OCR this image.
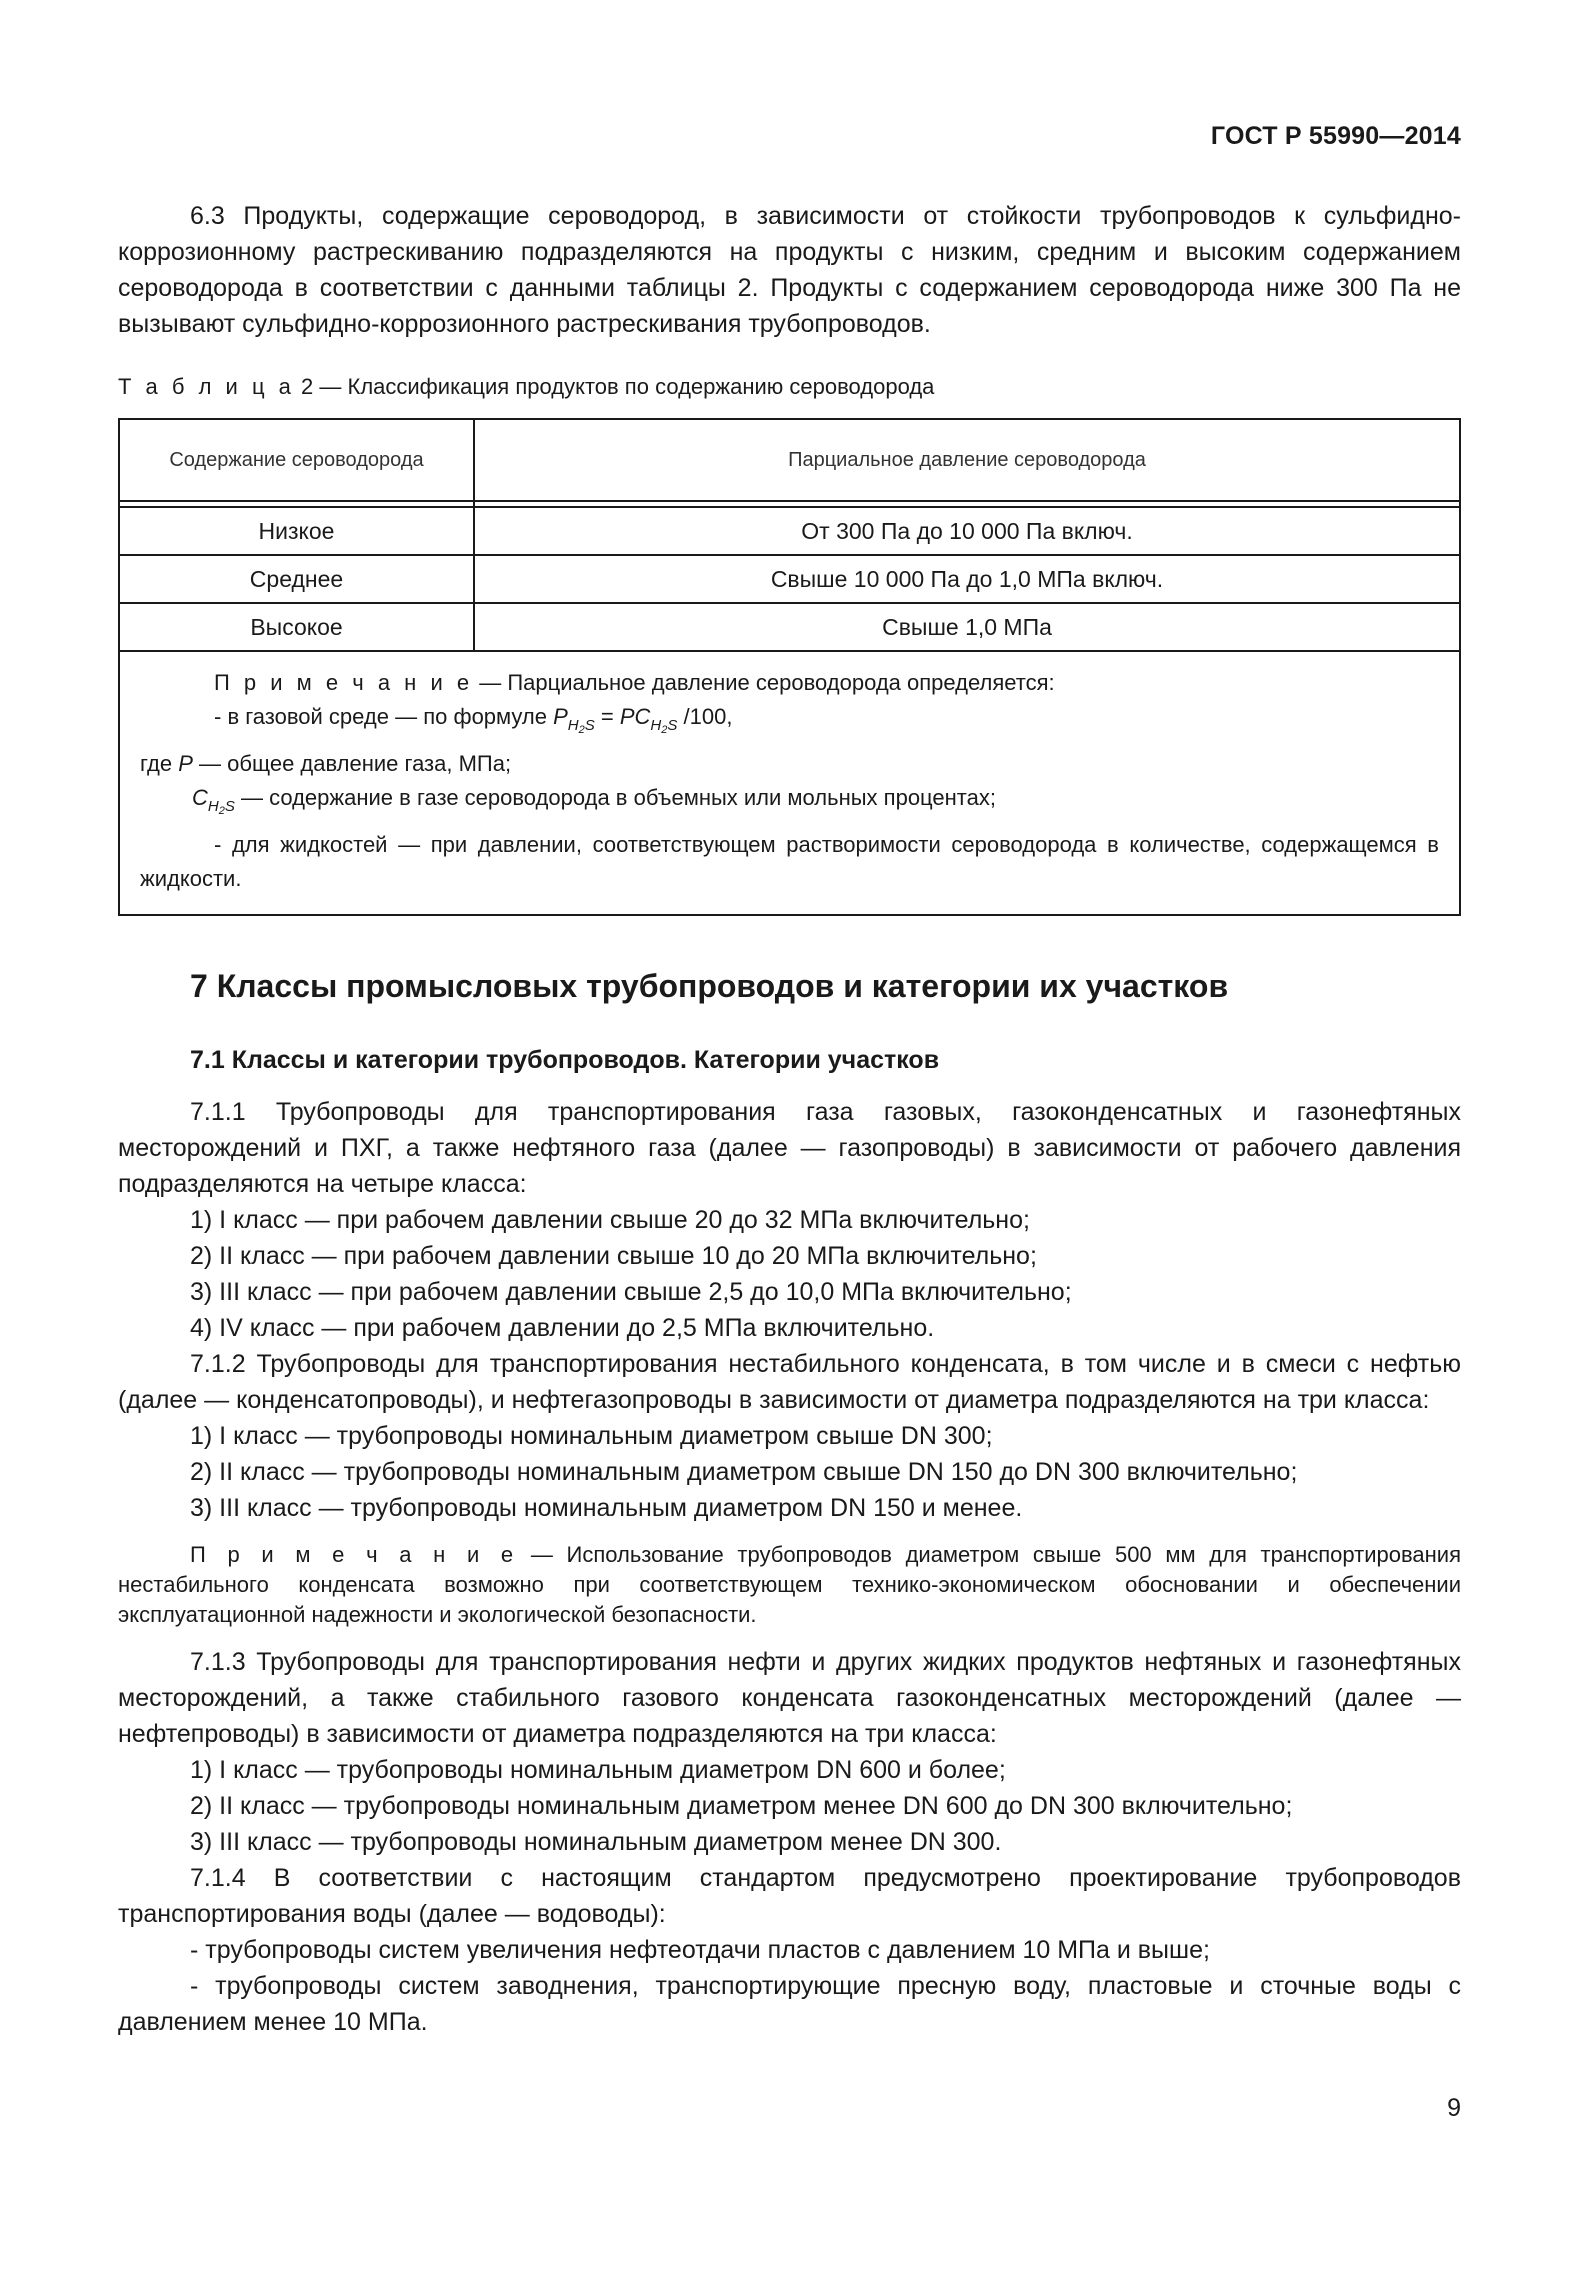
ГОСТ Р 55990—2014

6.3 Продукты, содержащие сероводород, в зависимости от стойкости трубопроводов к сульфидно-коррозионному растрескиванию подразделяются на продукты с низким, средним и высоким содержанием сероводорода в соответствии с данными таблицы 2. Продукты с содержанием сероводорода ниже 300 Па не вызывают сульфидно-коррозионного растрескивания трубопроводов.

Т а б л и ц а 2 — Классификация продуктов по содержанию сероводорода
Содержание сероводорода	Парциальное давление сероводорода

Низкое	От 300 Па до 10 000 Па включ.
Среднее	Свыше 10 000 Па до 1,0 МПа включ.
Высокое	Свыше 1,0 МПа

П р и м е ч а н и е — Парциальное давление сероводорода определяется:
- в газовой среде — по формуле $P_{H_2S} = PC_{H_2S}$ /100,
где P — общее давление газа, МПа;
$C_{H_2S}$ — содержание в газе сероводорода в объемных или мольных процентах;
- для жидкостей — при давлении, соответствующем растворимости сероводорода в количестве, содержащемся в жидкости.	
7 Классы промысловых трубопроводов и категории их участков
7.1 Классы и категории трубопроводов. Категории участков

7.1.1 Трубопроводы для транспортирования газа газовых, газоконденсатных и газонефтяных месторождений и ПХГ, а также нефтяного газа (далее — газопроводы) в зависимости от рабочего давления подразделяются на четыре класса:

1) I класс — при рабочем давлении свыше 20 до 32 МПа включительно;
2) II класс — при рабочем давлении свыше 10 до 20 МПа включительно;
3) III класс — при рабочем давлении свыше 2,5 до 10,0 МПа включительно;
4) IV класс — при рабочем давлении до 2,5 МПа включительно.

7.1.2 Трубопроводы для транспортирования нестабильного конденсата, в том числе и в смеси с нефтью (далее — конденсатопроводы), и нефтегазопроводы в зависимости от диаметра подразделяются на три класса:

1) I класс — трубопроводы номинальным диаметром свыше DN 300;
2) II класс — трубопроводы номинальным диаметром свыше DN 150 до DN 300 включительно;
3) III класс — трубопроводы номинальным диаметром DN 150 и менее.

П р и м е ч а н и е — Использование трубопроводов диаметром свыше 500 мм для транспортирования нестабильного конденсата возможно при соответствующем технико-экономическом обосновании и обеспечении эксплуатационной надежности и экологической безопасности.

7.1.3 Трубопроводы для транспортирования нефти и других жидких продуктов нефтяных и газонефтяных месторождений, а также стабильного газового конденсата газоконденсатных месторождений (далее — нефтепроводы) в зависимости от диаметра подразделяются на три класса:

1) I класс — трубопроводы номинальным диаметром DN 600 и более;
2) II класс — трубопроводы номинальным диаметром менее DN 600 до DN 300 включительно;
3) III класс — трубопроводы номинальным диаметром менее DN 300.

7.1.4 В соответствии с настоящим стандартом предусмотрено проектирование трубопроводов транспортирования воды (далее — водоводы):

- трубопроводы систем увеличения нефтеотдачи пластов с давлением 10 МПа и выше;

- трубопроводы систем заводнения, транспортирующие пресную воду, пластовые и сточные воды с давлением менее 10 МПа.

9
